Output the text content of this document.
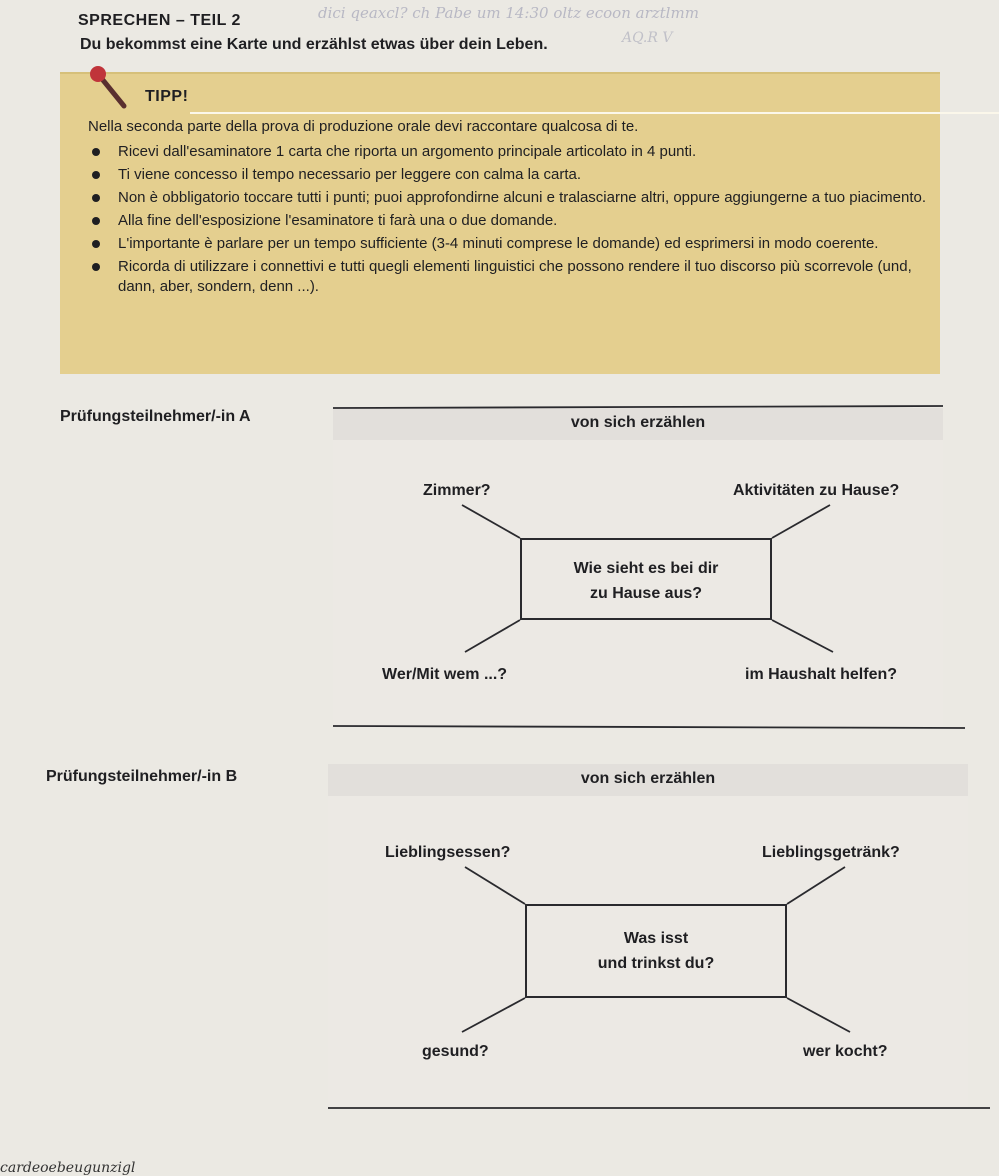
SPRECHEN – TEIL 2	dici qeaxcl? ch Pabe um 14:30 oltz ecoon arztlmm
Du bekommst eine Karte und erzählst etwas über dein Leben.	AQ.R V
TIPP!
Nella seconda parte della prova di produzione orale devi raccontare qualcosa di te.
Ricevi dall'esaminatore 1 carta che riporta un argomento principale articolato in 4 punti.
Ti viene concesso il tempo necessario per leggere con calma la carta.
Non è obbligatorio toccare tutti i punti; puoi approfondirne alcuni e tralasciarne altri, oppure aggiungerne a tuo piacimento.
Alla fine dell'esposizione l'esaminatore ti farà una o due domande.
L'importante è parlare per un tempo sufficiente (3-4 minuti comprese le domande) ed esprimersi in modo coerente.
Ricorda di utilizzare i connettivi e tutti quegli elementi linguistici che possono rendere il tuo discorso più scorrevole (und, dann, aber, sondern, denn ...).
Prüfungsteilnehmer/-in A	von sich erzählen
Zimmer?	Aktivitäten zu Hause?
Wie sieht es bei dir
zu Hause aus?
Wer/Mit wem ...?	im Haushalt helfen?
Prüfungsteilnehmer/-in B	von sich erzählen
Lieblingsessen?	Lieblingsgetränk?
Was isst
und trinkst du?
gesund?	wer kocht?
cardeoebeugunzigl
